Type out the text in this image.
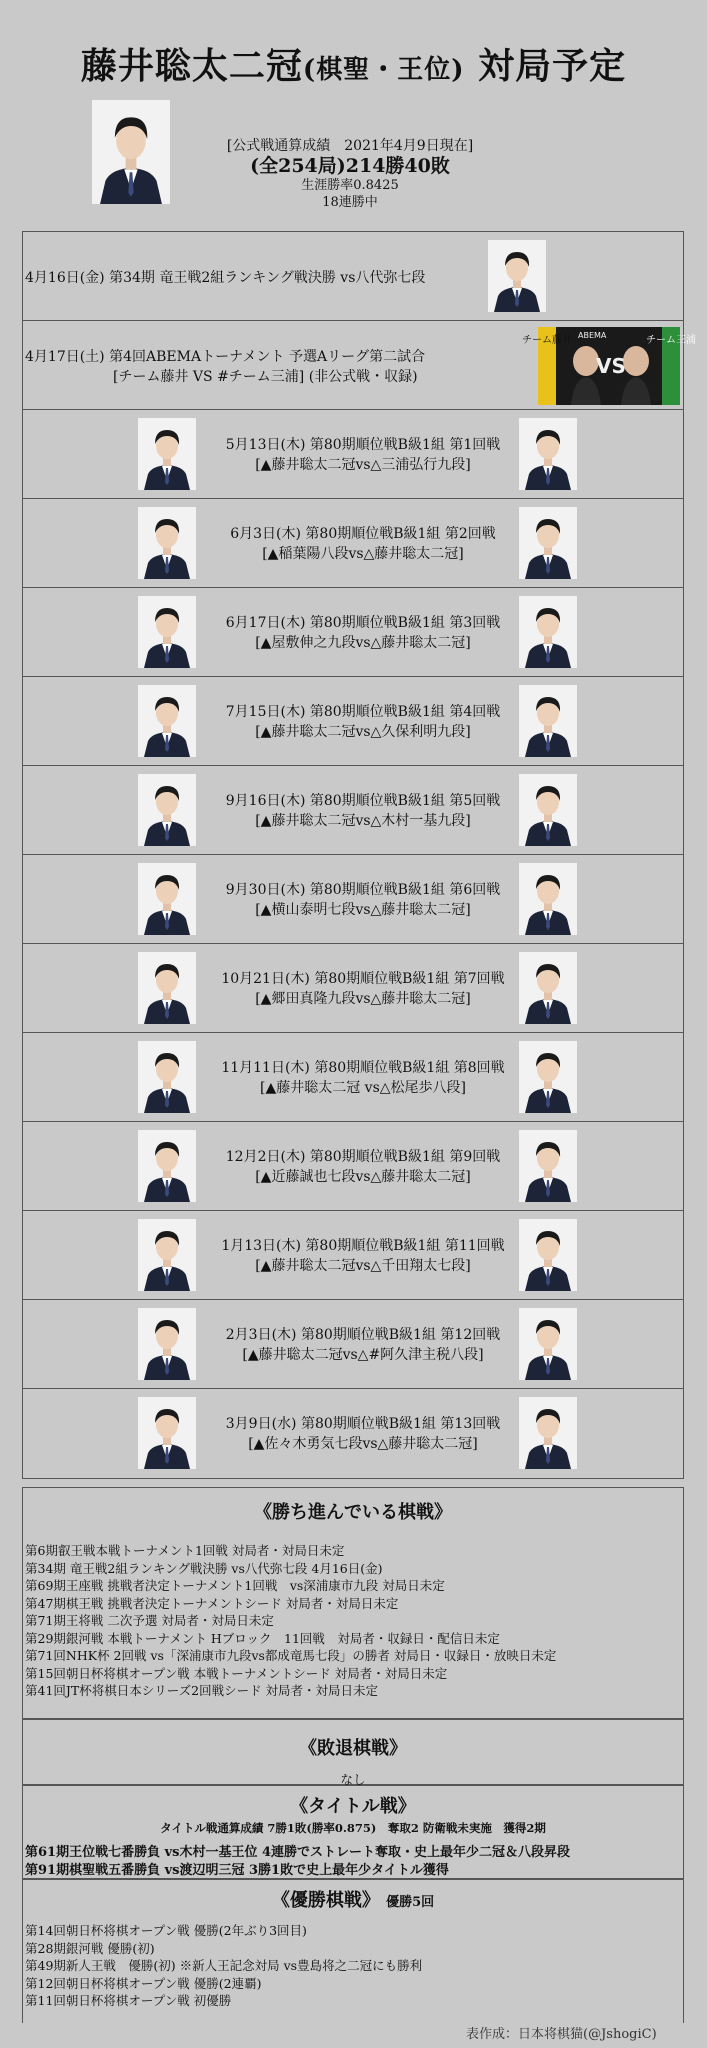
藤井聡太二冠(棋聖・王位) 対局予定
[公式戦通算成績　2021年4月9日現在]
(全254局)214勝40敗
生涯勝率0.8425
18連勝中
4月16日(金) 第34期 竜王戦2組ランキング戦決勝 vs八代弥七段
4月17日(土) 第4回ABEMAトーナメント 予選Aリーグ第二試合
[チーム藤井 VS #チーム三浦] (非公式戦・収録)
チーム藤井
VS
ABEMA	チーム三浦
5月13日(木) 第80期順位戦B級1組 第1回戦
[▲藤井聡太二冠vs△三浦弘行九段]
6月3日(木) 第80期順位戦B級1組 第2回戦
[▲稲葉陽八段vs△藤井聡太二冠]
6月17日(木) 第80期順位戦B級1組 第3回戦
[▲屋敷伸之九段vs△藤井聡太二冠]
7月15日(木) 第80期順位戦B級1組 第4回戦
[▲藤井聡太二冠vs△久保利明九段]
9月16日(木) 第80期順位戦B級1組 第5回戦
[▲藤井聡太二冠vs△木村一基九段]
9月30日(木) 第80期順位戦B級1組 第6回戦
[▲横山泰明七段vs△藤井聡太二冠]
10月21日(木) 第80期順位戦B級1組 第7回戦
[▲郷田真隆九段vs△藤井聡太二冠]
11月11日(木) 第80期順位戦B級1組 第8回戦
[▲藤井聡太二冠 vs△松尾歩八段]
12月2日(木) 第80期順位戦B級1組 第9回戦
[▲近藤誠也七段vs△藤井聡太二冠]
1月13日(木) 第80期順位戦B級1組 第11回戦
[▲藤井聡太二冠vs△千田翔太七段]
2月3日(木) 第80期順位戦B級1組 第12回戦
[▲藤井聡太二冠vs△#阿久津主税八段]
3月9日(水) 第80期順位戦B級1組 第13回戦
[▲佐々木勇気七段vs△藤井聡太二冠]
《勝ち進んでいる棋戦》
第6期叡王戦本戦トーナメント1回戦 対局者・対局日未定
第34期 竜王戦2組ランキング戦決勝 vs八代弥七段 4月16日(金)
第69期王座戦 挑戦者決定トーナメント1回戦　vs深浦康市九段 対局日未定
第47期棋王戦 挑戦者決定トーナメントシード 対局者・対局日未定
第71期王将戦 二次予選 対局者・対局日未定
第29期銀河戦 本戦トーナメント Hブロック　11回戦　対局者・収録日・配信日未定
第71回NHK杯 2回戦 vs「深浦康市九段vs都成竜馬七段」の勝者 対局日・収録日・放映日未定
第15回朝日杯将棋オープン戦 本戦トーナメントシード 対局者・対局日未定
第41回JT杯将棋日本シリーズ2回戦シード 対局者・対局日未定
《敗退棋戦》
なし
《タイトル戦》
タイトル戦通算成績 7勝1敗(勝率0.875)　奪取2 防衛戦未実施　獲得2期
第61期王位戦七番勝負 vs木村一基王位 4連勝でストレート奪取・史上最年少二冠＆八段昇段
第91期棋聖戦五番勝負 vs渡辺明三冠 3勝1敗で史上最年少タイトル獲得
《優勝棋戦》 優勝5回
第14回朝日杯将棋オープン戦 優勝(2年ぶり3回目)
第28期銀河戦 優勝(初)
第49期新人王戦　優勝(初) ※新人王記念対局 vs豊島将之二冠にも勝利
第12回朝日杯将棋オープン戦 優勝(2連覇)
第11回朝日杯将棋オープン戦 初優勝
表作成：日本将棋猫(@JshogiC)
